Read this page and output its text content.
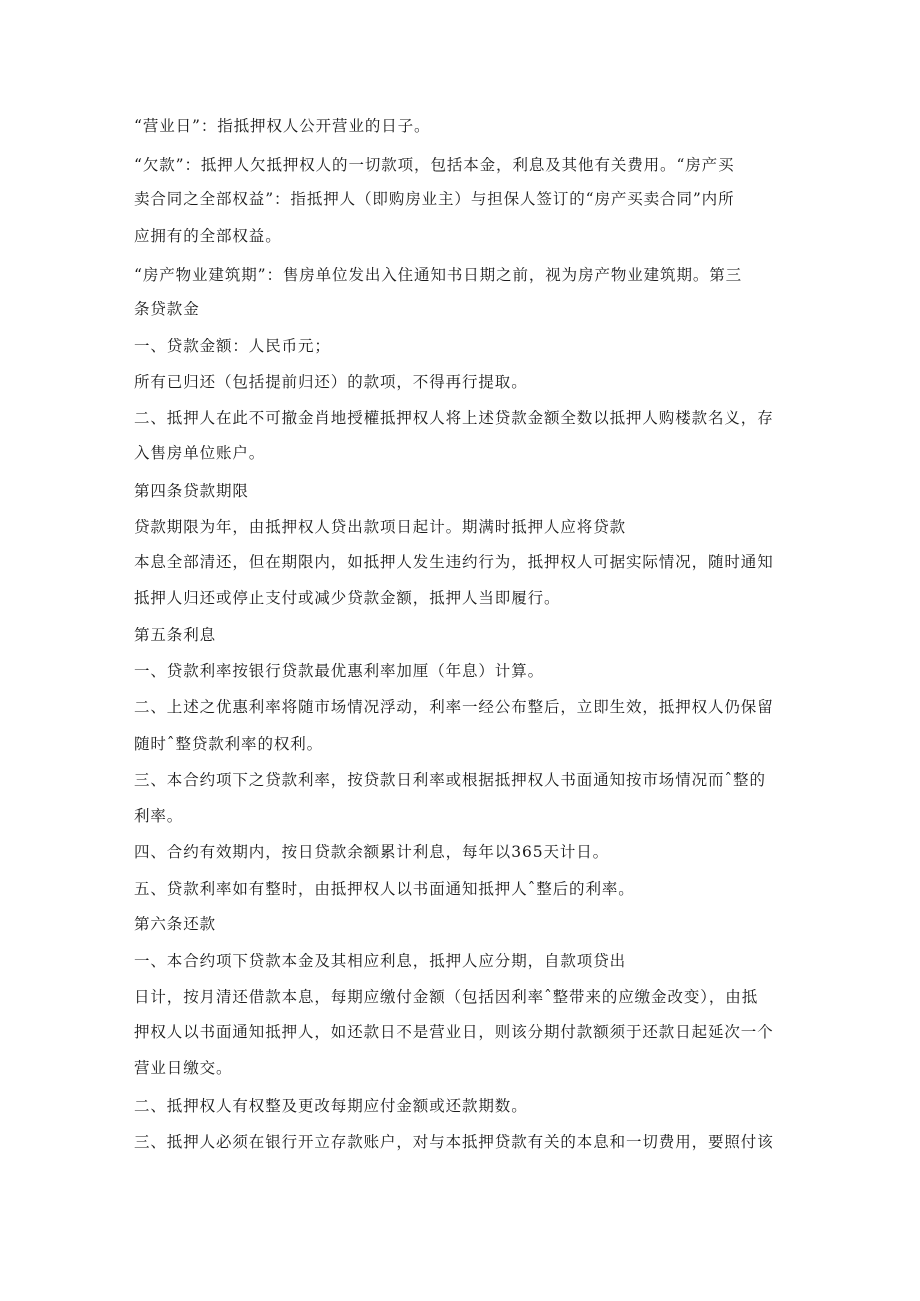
“营业日”：指抵押权人公开营业的日子。
“欠款”：抵押人欠抵押权人的一切款项，包括本金，利息及其他有关费用。“房产买
卖合同之全部权益”：指抵押人（即购房业主）与担保人签订的“房产买卖合同”内所
应拥有的全部权益。
“房产物业建筑期”：售房单位发出入住通知书日期之前，视为房产物业建筑期。第三
条贷款金
一、贷款金额：人民币元；
所有已归还（包括提前归还）的款项，不得再行提取。
二、抵押人在此不可撤金肖地授權抵押权人将上述贷款金额全数以抵押人购楼款名义，存
入售房单位账户。
第四条贷款期限
贷款期限为年，由抵押权人贷出款项日起计。期满时抵押人应将贷款
本息全部清还，但在期限内，如抵押人发生违约行为，抵押权人可据实际情况，随时通知
抵押人归还或停止支付或减少贷款金额，抵押人当即履行。
第五条利息
一、贷款利率按银行贷款最优惠利率加厘（年息）计算。
二、上述之优惠利率将随市场情况浮动，利率一经公布整后，立即生效，抵押权人仍保留
随时ˆ整贷款利率的权利。
三、本合约项下之贷款利率，按贷款日利率或根据抵押权人书面通知按市场情况而ˆ整的
利率。
四、合约有效期内，按日贷款余额累计利息，每年以365天计日。
五、贷款利率如有整时，由抵押权人以书面通知抵押人ˆ整后的利率。
第六条还款
一、本合约项下贷款本金及其相应利息，抵押人应分期，自款项贷出
日计，按月清还借款本息，每期应缴付金额（包括因利率ˆ整带来的应缴金改变），由抵
押权人以书面通知抵押人，如还款日不是营业日，则该分期付款额须于还款日起延次一个
营业日缴交。
二、抵押权人有权整及更改每期应付金额或还款期数。
三、抵押人必须在银行开立存款账户，对与本抵押贷款有关的本息和一切费用，要照付该
